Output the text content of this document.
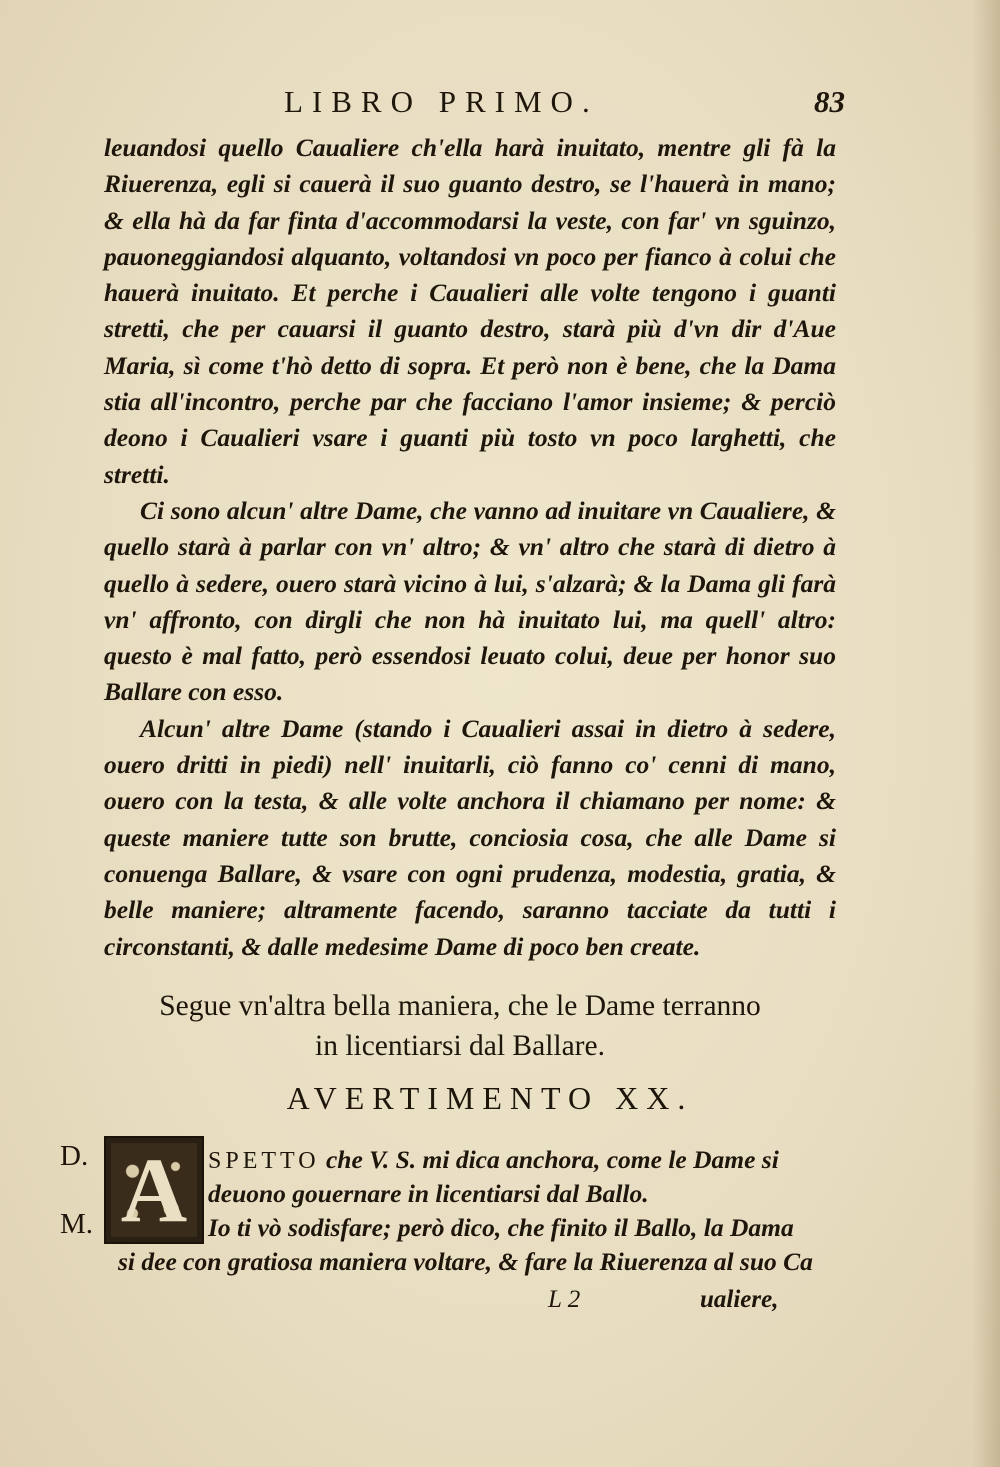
LIBRO PRIMO.	83

leuandosi quello Caualiere ch'ella harà inuitato, mentre gli fà la Riuerenza, egli si cauerà il suo guanto destro, se l'hauerà in mano; & ella hà da far finta d'accommodarsi la veste, con far' vn sguinzo, pauoneggiandosi alquanto, voltandosi vn poco per fianco à colui che hauerà inuitato. Et perche i Caualieri alle volte tengono i guanti stretti, che per cauarsi il guanto destro, starà più d'vn dir d'Aue Maria, sì come t'hò detto di sopra. Et però non è bene, che la Dama stia all'incontro, perche par che facciano l'amor insieme; & perciò deono i Caualieri vsare i guanti più tosto vn poco larghetti, che stretti.

Ci sono alcun' altre Dame, che vanno ad inuitare vn Caualiere, & quello starà à parlar con vn' altro; & vn' altro che starà di dietro à quello à sedere, ouero starà vicino à lui, s'alzarà; & la Dama gli farà vn' affronto, con dirgli che non hà inuitato lui, ma quell' altro: questo è mal fatto, però essendosi leuato colui, deue per honor suo Ballare con esso.

Alcun' altre Dame (stando i Caualieri assai in dietro à sedere, ouero dritti in piedi) nell' inuitarli, ciò fanno co' cenni di mano, ouero con la testa, & alle volte anchora il chiamano per nome: & queste maniere tutte son brutte, conciosia cosa, che alle Dame si conuenga Ballare, & vsare con ogni prudenza, modestia, gratia, & belle maniere; altramente facendo, saranno tacciate da tutti i circonstanti, & dalle medesime Dame di poco ben create.

Segue vn'altra bella maniera, che le Dame terranno
in licentiarsi dal Ballare.
AVERTIMENTO XX.
D.
M. A SPETTO che V. S. mi dica anchora, come le Dame si
deuono gouernare in licentiarsi dal Ballo.
Io ti vò sodisfare; però dico, che finito il Ballo, la Dama
si dee con gratiosa maniera voltare, & fare la Riuerenza al suo Ca
L 2	ualiere,
